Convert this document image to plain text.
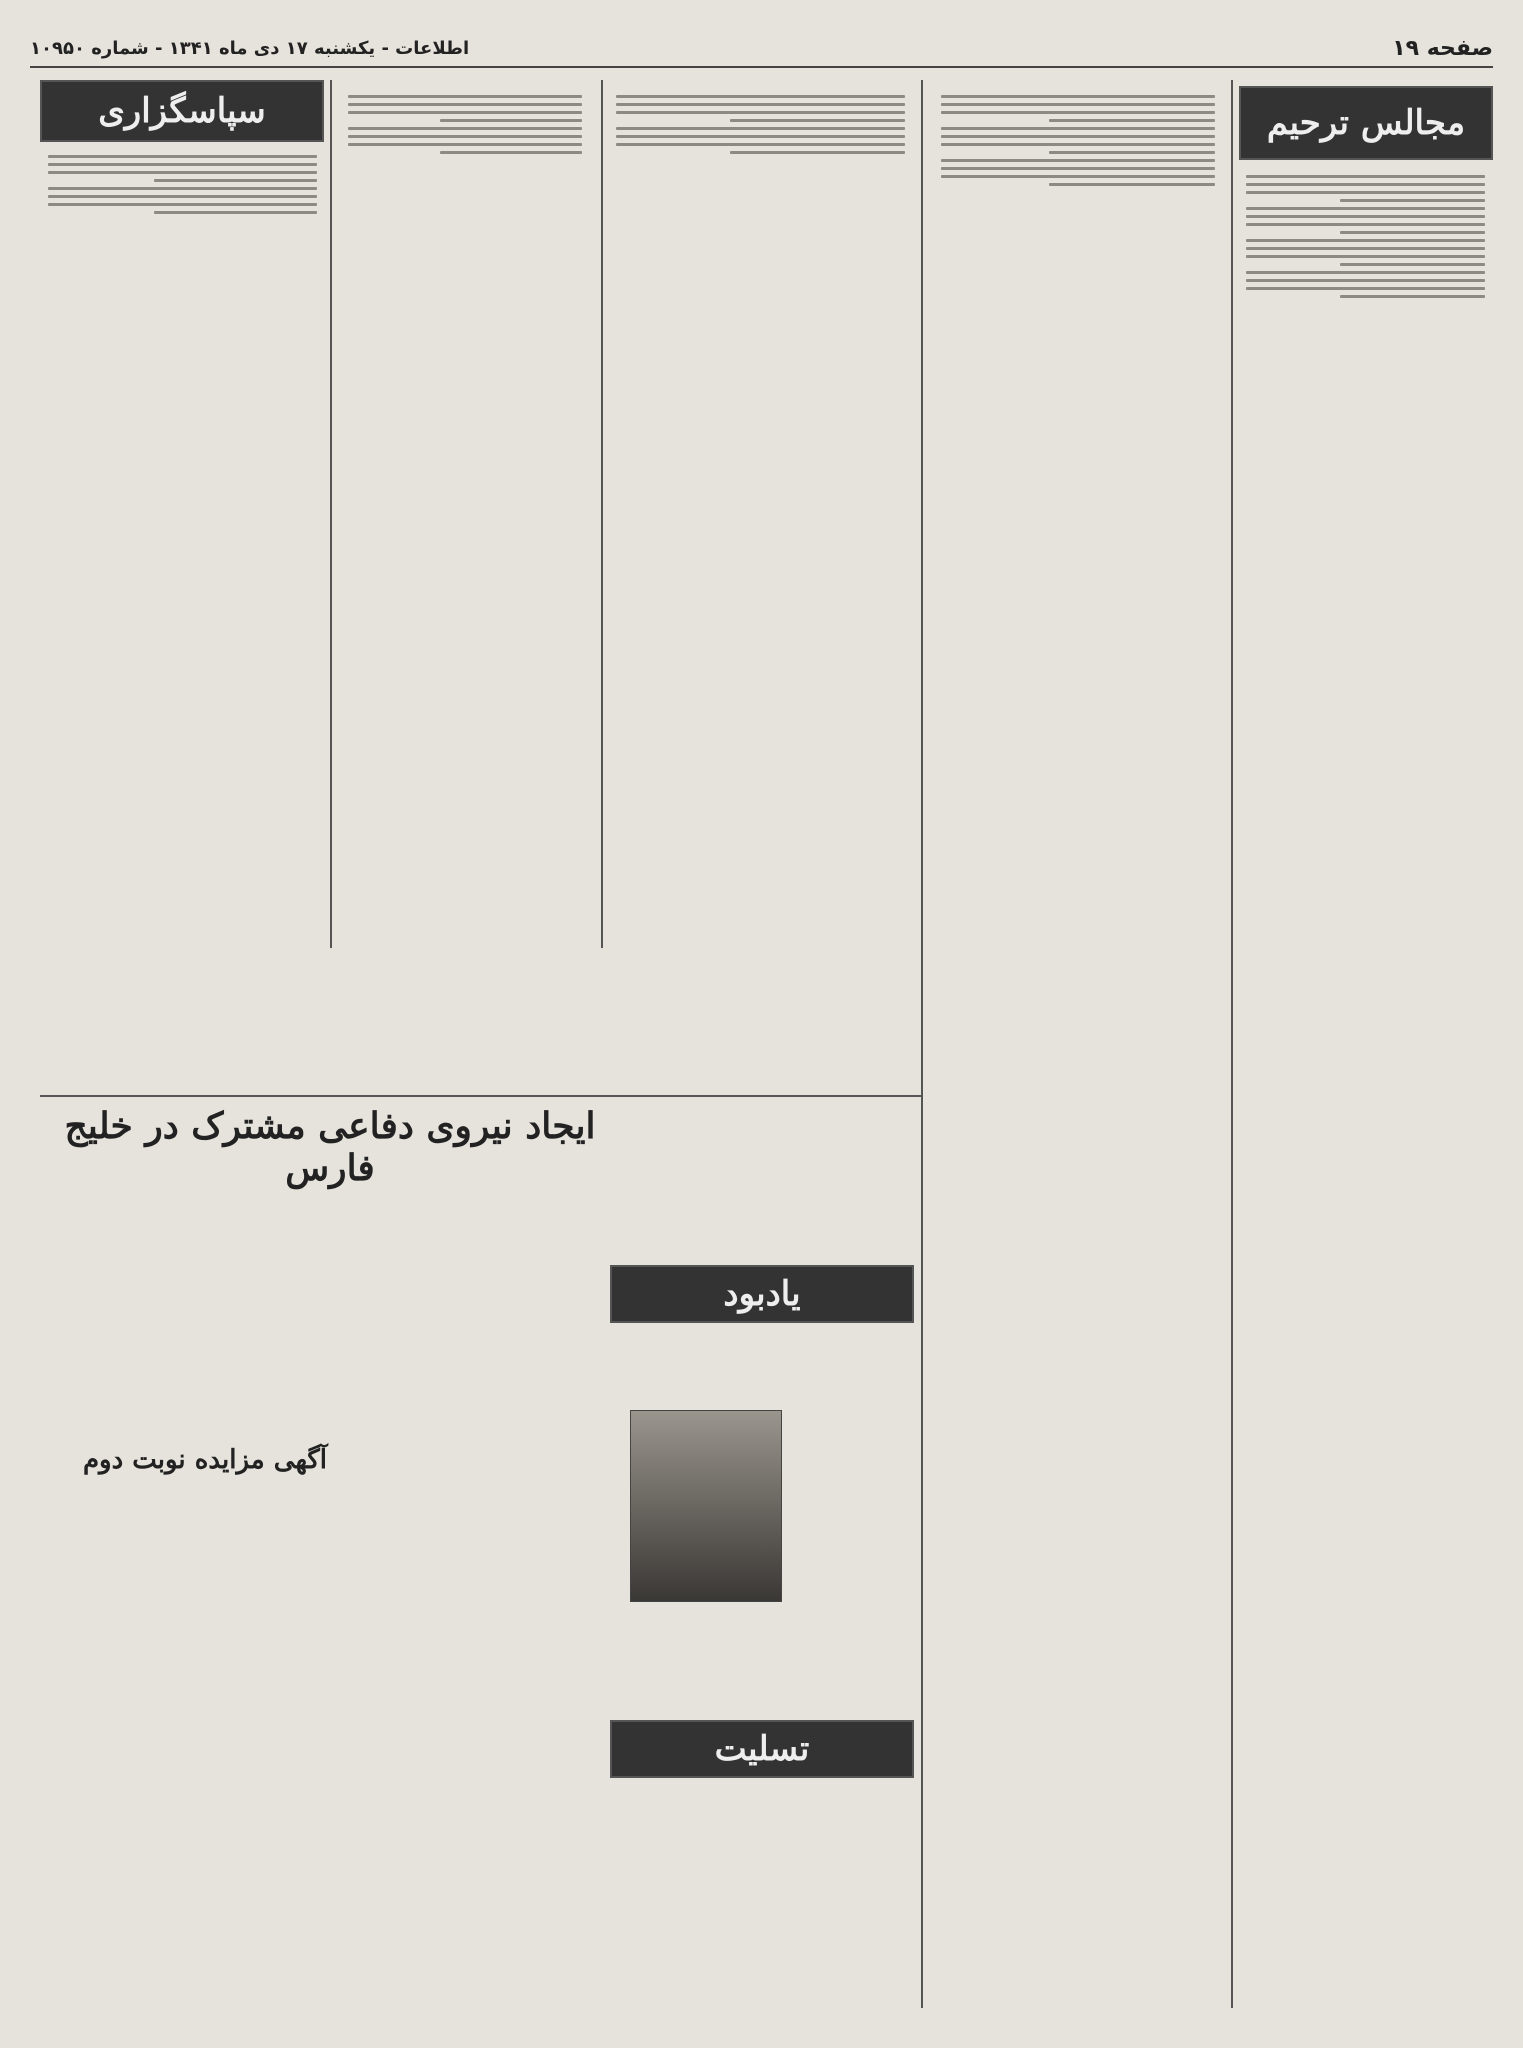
صفحه ۱۹
اطلاعات - یکشنبه ۱۷ دی ماه ۱۳۴۱ - شماره ۱۰۹۵۰
مجالس ترحیم
سپاسگزاری
ایجاد نیروی دفاعی مشترک در خلیج فارس
آگهی مزایده نوبت دوم
یادبود
تسلیت
